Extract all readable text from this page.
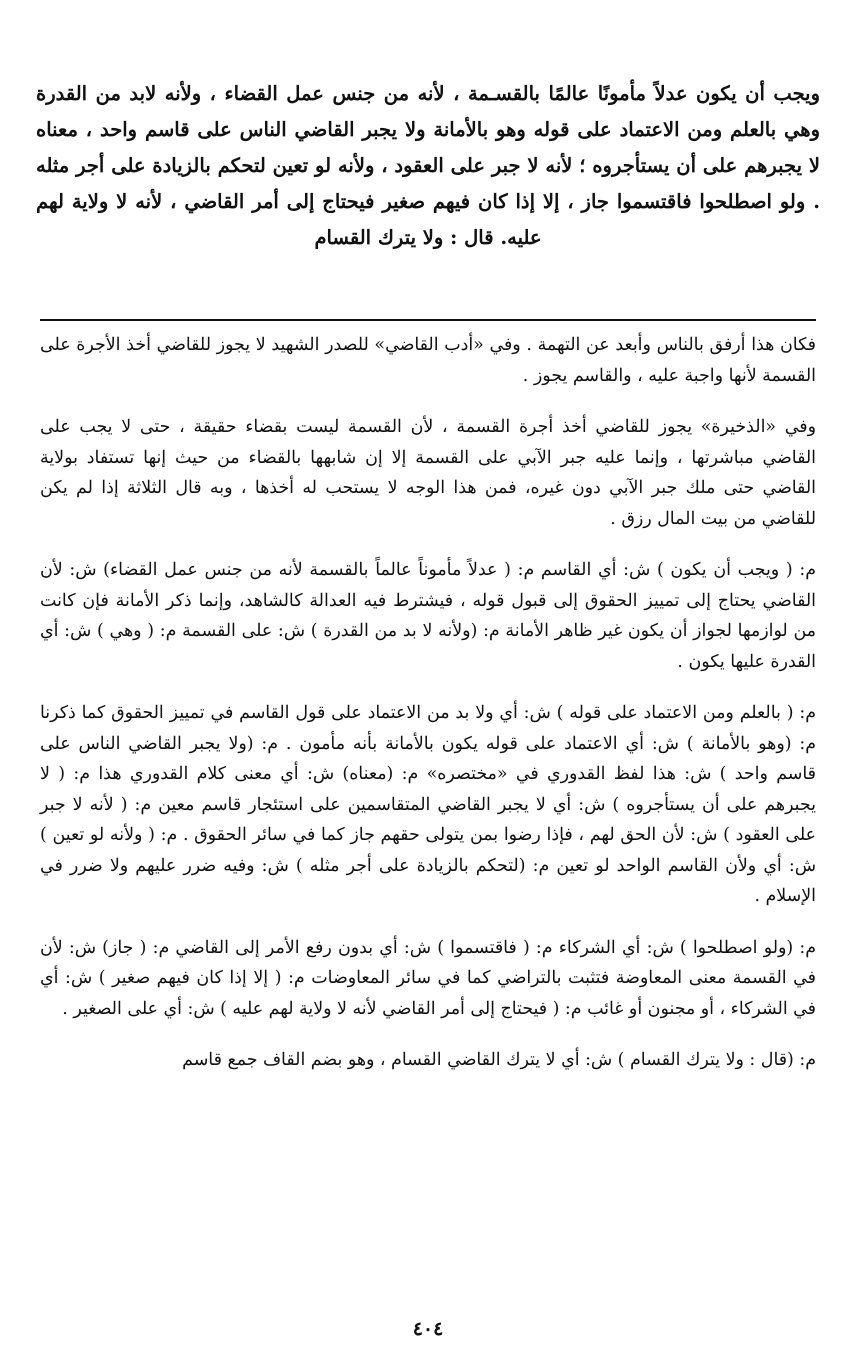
ويجب أن يكون عدلاً مأمونًا عالمًا بالقسـمة ، لأنه من جنس عمل القضاء ، ولأنه لابد من القدرة وهي بالعلم ومن الاعتماد على قوله وهو بالأمانة ولا يجبر القاضي الناس على قاسم واحد ، معناه لا يجبرهم على أن يستأجروه ؛ لأنه لا جبر على العقود ، ولأنه لو تعين لتحكم بالزيادة على أجر مثله . ولو اصطلحوا فاقتسموا جاز ، إلا إذا كان فيهم صغير فيحتاج إلى أمر القاضي ، لأنه لا ولاية لهم عليه. قال : ولا يترك القسام

فكان هذا أرفق بالناس وأبعد عن التهمة . وفي «أدب القاضي» للصدر الشهيد لا يجوز للقاضي أخذ الأجرة على القسمة لأنها واجبة عليه ، والقاسم يجوز .

وفي «الذخيرة» يجوز للقاضي أخذ أجرة القسمة ، لأن القسمة ليست بقضاء حقيقة ، حتى لا يجب على القاضي مباشرتها ، وإنما عليه جبر الآبي على القسمة إلا إن شابهها بالقضاء من حيث إنها تستفاد بولاية القاضي حتى ملك جبر الآبي دون غيره، فمن هذا الوجه لا يستحب له أخذها ، وبه قال الثلاثة إذا لم يكن للقاضي من بيت المال رزق .

م: ( ويجب أن يكون ) ش: أي القاسم م: ( عدلاً مأموناً عالماً بالقسمة لأنه من جنس عمل القضاء) ش: لأن القاضي يحتاج إلى تمييز الحقوق إلى قبول قوله ، فيشترط فيه العدالة كالشاهد، وإنما ذكر الأمانة فإن كانت من لوازمها لجواز أن يكون غير ظاهر الأمانة م: (ولأنه لا بد من القدرة ) ش: على القسمة م: ( وهي ) ش: أي القدرة عليها يكون .

م: ( بالعلم ومن الاعتماد على قوله ) ش: أي ولا بد من الاعتماد على قول القاسم في تمييز الحقوق كما ذكرنا م: (وهو بالأمانة ) ش: أي الاعتماد على قوله يكون بالأمانة بأنه مأمون . م: (ولا يجبر القاضي الناس على قاسم واحد ) ش: هذا لفظ القدوري في «مختصره» م: (معناه) ش: أي معنى كلام القدوري هذا م: ( لا يجبرهم على أن يستأجروه ) ش: أي لا يجبر القاضي المتقاسمين على استئجار قاسم معين م: ( لأنه لا جبر على العقود ) ش: لأن الحق لهم ، فإذا رضوا بمن يتولى حقهم جاز كما في سائر الحقوق . م: ( ولأنه لو تعين ) ش: أي ولأن القاسم الواحد لو تعين م: (لتحكم بالزيادة على أجر مثله ) ش: وفيه ضرر عليهم ولا ضرر في الإسلام .

م: (ولو اصطلحوا ) ش: أي الشركاء م: ( فاقتسموا ) ش: أي بدون رفع الأمر إلى القاضي م: ( جاز) ش: لأن في القسمة معنى المعاوضة فتثبت بالتراضي كما في سائر المعاوضات م: ( إلا إذا كان فيهم صغير ) ش: أي في الشركاء ، أو مجنون أو غائب م: ( فيحتاج إلى أمر القاضي لأنه لا ولاية لهم عليه ) ش: أي على الصغير .

م: (قال : ولا يترك القسام ) ش: أي لا يترك القاضي القسام ، وهو بضم القاف جمع قاسم

٤٠٤
